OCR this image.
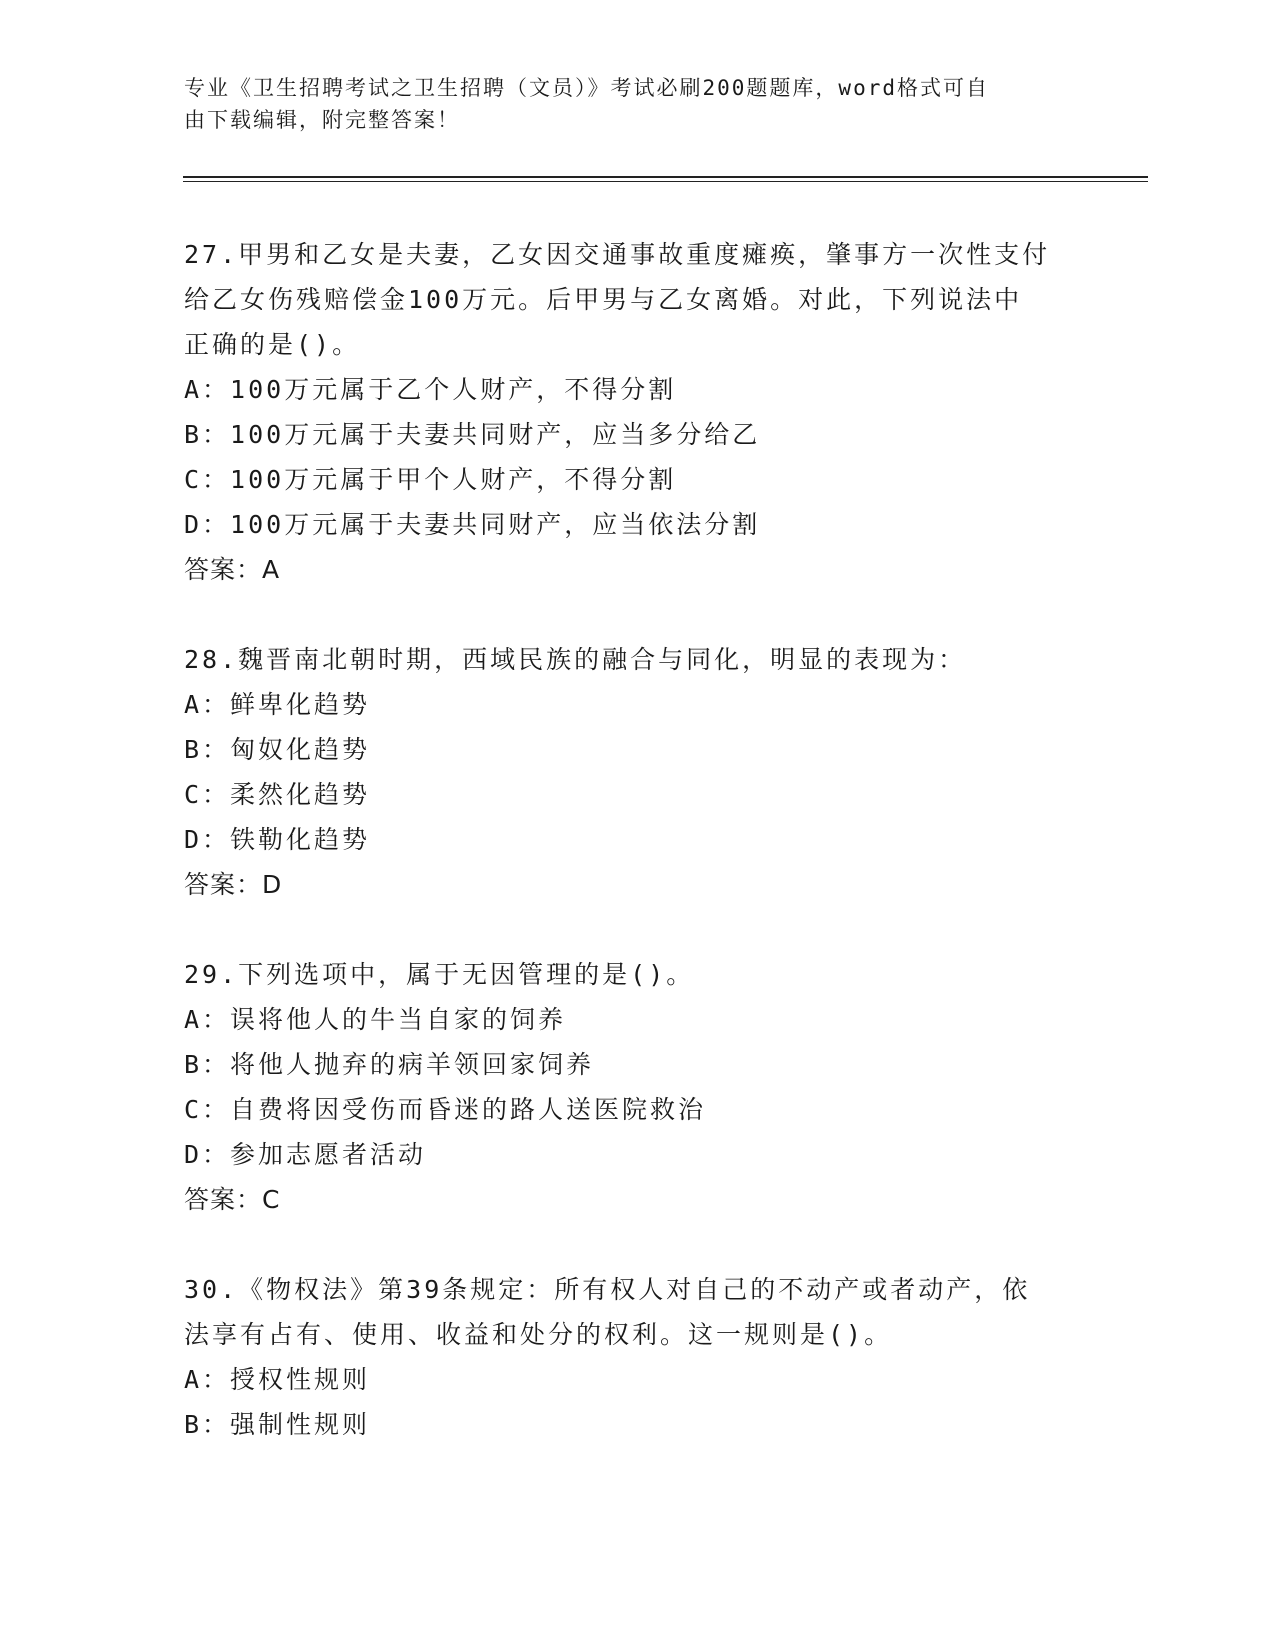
专业《卫生招聘考试之卫生招聘（文员）》考试必刷200题题库，word格式可自
由下载编辑，附完整答案！
27.甲男和乙女是夫妻，乙女因交通事故重度瘫痪，肇事方一次性支付
给乙女伤残赔偿金100万元。后甲男与乙女离婚。对此，下列说法中
正确的是()。
A：100万元属于乙个人财产，不得分割
B：100万元属于夫妻共同财产，应当多分给乙
C：100万元属于甲个人财产，不得分割
D：100万元属于夫妻共同财产，应当依法分割
答案：A
28.魏晋南北朝时期，西域民族的融合与同化，明显的表现为：
A：鲜卑化趋势
B：匈奴化趋势
C：柔然化趋势
D：铁勒化趋势
答案：D
29.下列选项中，属于无因管理的是()。
A：误将他人的牛当自家的饲养
B：将他人抛弃的病羊领回家饲养
C：自费将因受伤而昏迷的路人送医院救治
D：参加志愿者活动
答案：C
30.《物权法》第39条规定：所有权人对自己的不动产或者动产，依
法享有占有、使用、收益和处分的权利。这一规则是()。
A：授权性规则
B：强制性规则
